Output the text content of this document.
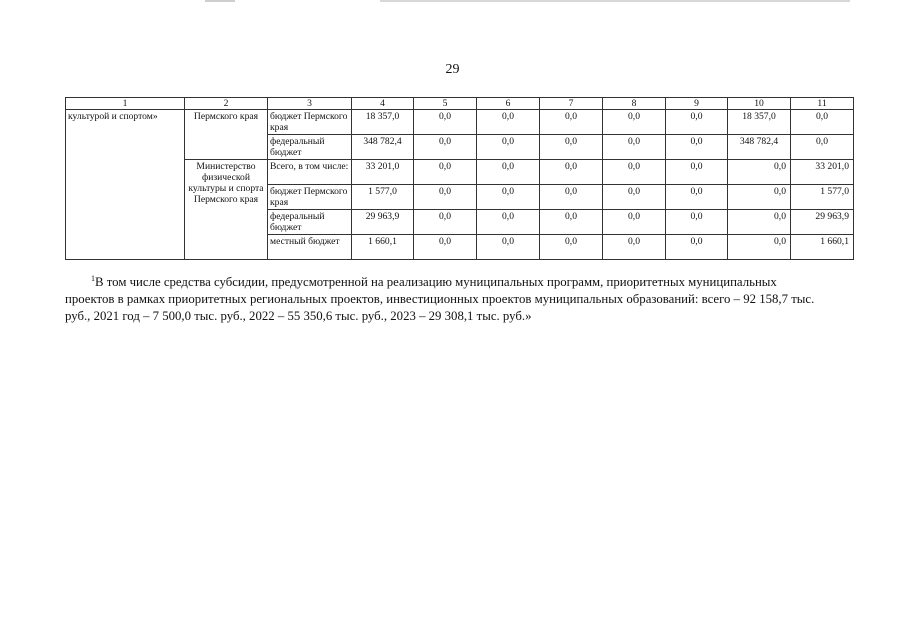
29
1	2	3	4	5	6	7	8	9	10	11
культурой и спортом»	Пермского края	бюджет Пермского края	18 357,0	0,0	0,0	0,0	0,0	0,0	18 357,0	0,0
		федеральный бюджет	348 782,4	0,0	0,0	0,0	0,0	0,0	348 782,4	0,0
	Министерство физической культуры и спорта Пермского края	Всего, в том числе:	33 201,0	0,0	0,0	0,0	0,0	0,0	0,0	33 201,0
		бюджет Пермского края	1 577,0	0,0	0,0	0,0	0,0	0,0	0,0	1 577,0
		федеральный бюджет	29 963,9	0,0	0,0	0,0	0,0	0,0	0,0	29 963,9
		местный бюджет	1 660,1	0,0	0,0	0,0	0,0	0,0	0,0	1 660,1
$^1$В том числе средства субсидии, предусмотренной на реализацию муниципальных программ, приоритетных муниципальных
проектов в рамках приоритетных региональных проектов, инвестиционных проектов муниципальных образований: всего – 92 158,7 тыс.
руб., 2021 год – 7 500,0 тыс. руб., 2022 – 55 350,6 тыс. руб., 2023 – 29 308,1 тыс. руб.»
